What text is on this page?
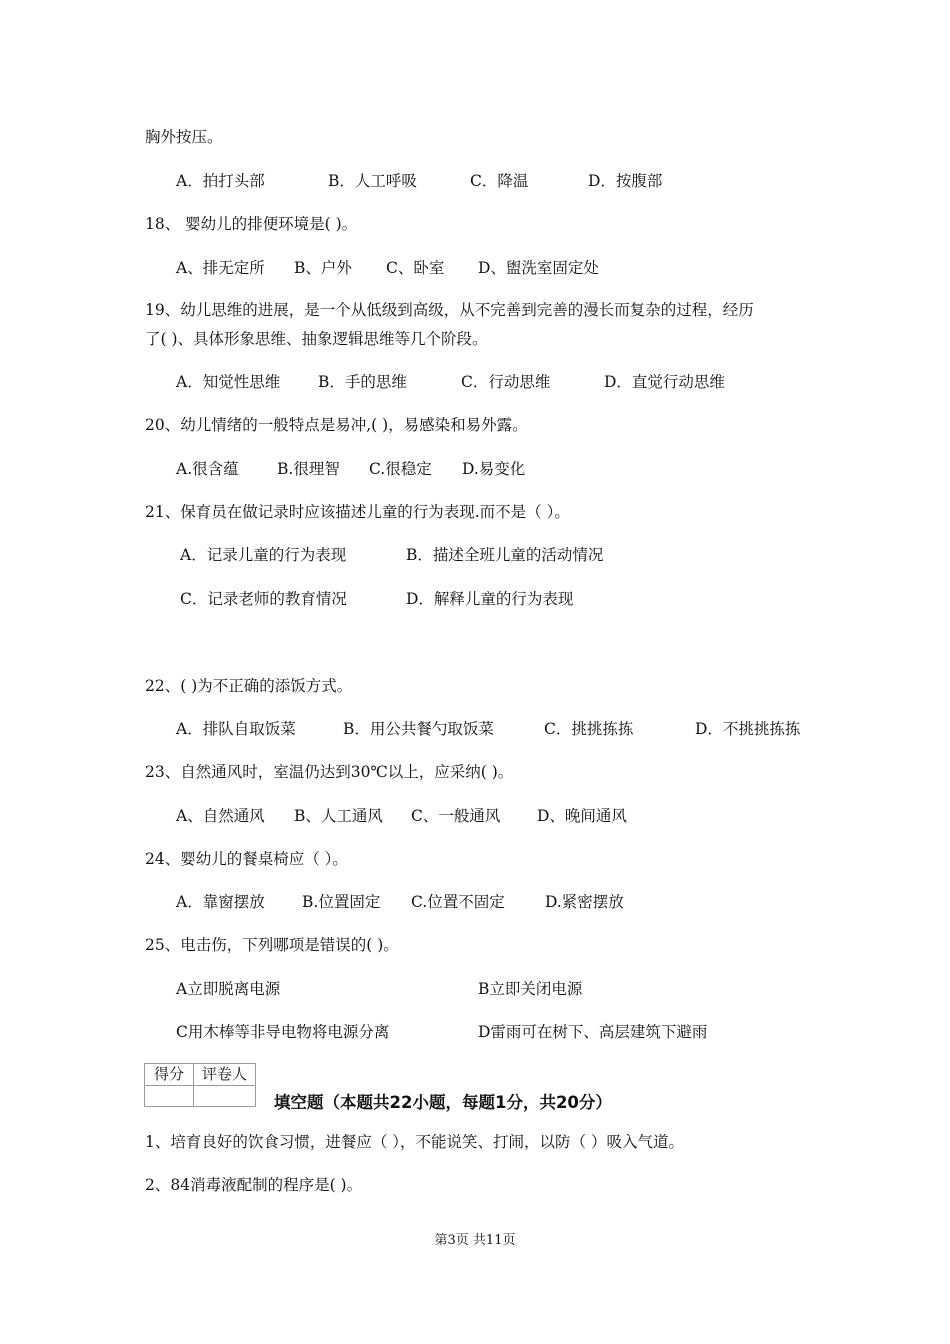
胸外按压。
A．拍打头部	B．人工呼吸	C．降温	D．按腹部
18、 婴幼儿的排便环境是( )。
A、排无定所 B、户外 C、卧室 D、盥洗室固定处
19、幼儿思维的进展，是一个从低级到高级，从不完善到完善的漫长而复杂的过程，经历
了( )、具体形象思维、抽象逻辑思维等几个阶段。
A．知觉性思维 B．手的思维	C．行动思维	D．直觉行动思维
20、幼儿情绪的一般特点是易冲,( )，易感染和易外露。
A.很含蕴 B.很理智 C.很稳定 D.易变化
21、保育员在做记录时应该描述儿童的行为表现.而不是（ ）。
A．记录儿童的行为表现	B．描述全班儿童的活动情况
C．记录老师的教育情况	D．解释儿童的行为表现
22、( )为不正确的添饭方式。
A．排队自取饭菜	B．用公共餐勺取饭菜	C．挑挑拣拣	D．不挑挑拣拣
23、自然通风时，室温仍达到30℃以上，应采纳( )。
A、自然通风 B、人工通风 C、一般通风 D、晚间通风
24、婴幼儿的餐桌椅应（ ）。
A．靠窗摆放 B.位置固定 C.位置不固定	D.紧密摆放
25、电击伤，下列哪项是错误的( )。
A立即脱离电源	B立即关闭电源
C用木棒等非导电物将电源分离	D雷雨可在树下、高层建筑下避雨
得分	评卷人
填空题（本题共22小题，每题1分，共20分）
1、培育良好的饮食习惯，进餐应（ ），不能说笑、打闹，以防（ ）吸入气道。
2、84消毒液配制的程序是( )。
第3页 共11页
